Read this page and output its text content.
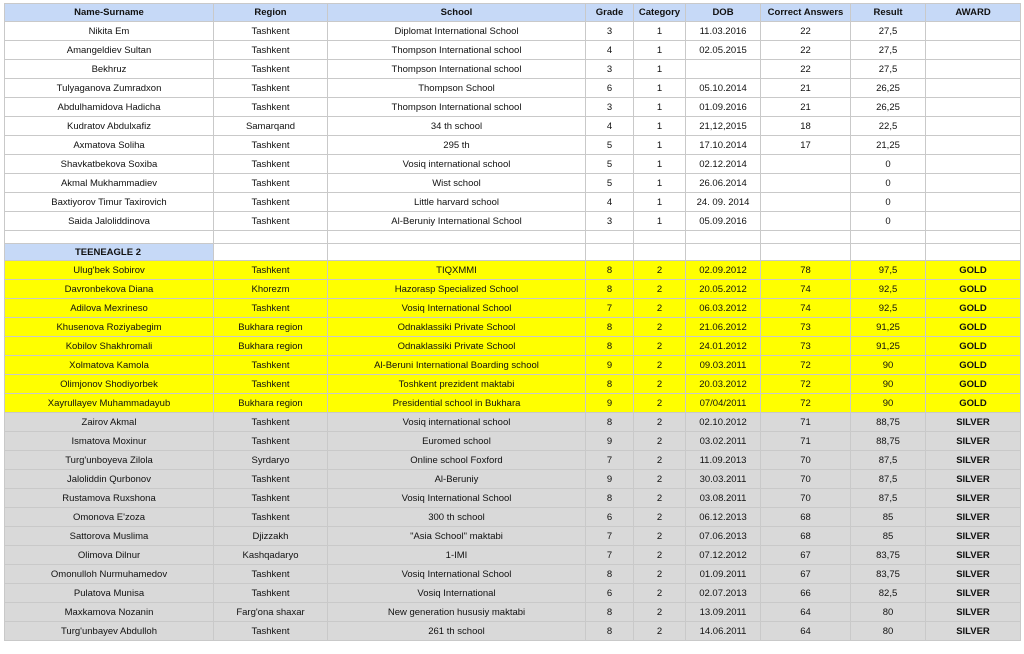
Name-Surname	Region	School	Grade	Category	DOB	Correct Answers	Result	AWARD
Nikita Em	Tashkent	Diplomat International School	3	1	11.03.2016	22	27,5	
Amangeldiev Sultan	Tashkent	Thompson International school	4	1	02.05.2015	22	27,5	
Bekhruz	Tashkent	Thompson International school	3	1		22	27,5	
Tulyaganova Zumradxon	Tashkent	Thompson School	6	1	05.10.2014	21	26,25	
Abdulhamidova Hadicha	Tashkent	Thompson International school	3	1	01.09.2016	21	26,25	
Kudratov Abdulxafiz	Samarqand	34 th school	4	1	21,12,2015	18	22,5	
Axmatova Soliha	Tashkent	295 th	5	1	17.10.2014	17	21,25	
Shavkatbekova Soxiba	Tashkent	Vosiq international school	5	1	02.12.2014		0	
Akmal Mukhammadiev	Tashkent	Wist school	5	1	26.06.2014		0	
Baxtiyorov Timur Taxirovich	Tashkent	Little harvard school	4	1	24. 09. 2014		0	
Saida Jaloliddinova	Tashkent	Al-Beruniy International School	3	1	05.09.2016		0	

TEENEAGLE 2								
Ulug'bek Sobirov	Tashkent	TIQXMMI	8	2	02.09.2012	78	97,5	GOLD
Davronbekova Diana	Khorezm	Hazorasp Specialized School	8	2	20.05.2012	74	92,5	GOLD
Adilova Mexrineso	Tashkent	Vosiq International School	7	2	06.03.2012	74	92,5	GOLD
Khusenova Roziyabegim	Bukhara region	Odnaklassiki Private School	8	2	21.06.2012	73	91,25	GOLD
Kobilov Shakhromali	Bukhara region	Odnaklassiki Private School	8	2	24.01.2012	73	91,25	GOLD
Xolmatova Kamola	Tashkent	Al-Beruni International Boarding school	9	2	09.03.2011	72	90	GOLD
Olimjonov Shodiyorbek	Tashkent	Toshkent prezident maktabi	8	2	20.03.2012	72	90	GOLD
Xayrullayev Muhammadayub	Bukhara region	Presidential school in Bukhara	9	2	07/04/2011	72	90	GOLD
Zairov Akmal	Tashkent	Vosiq international school	8	2	02.10.2012	71	88,75	SILVER
Ismatova Moxinur	Tashkent	Euromed school	9	2	03.02.2011	71	88,75	SILVER
Turg'unboyeva Zilola	Syrdaryo	Online school Foxford	7	2	11.09.2013	70	87,5	SILVER
Jaloliddin Qurbonov	Tashkent	Al-Beruniy	9	2	30.03.2011	70	87,5	SILVER
Rustamova Ruxshona	Tashkent	Vosiq International School	8	2	03.08.2011	70	87,5	SILVER
Omonova E'zoza	Tashkent	300 th school	6	2	06.12.2013	68	85	SILVER
Sattorova Muslima	Djizzakh	"Asia School" maktabi	7	2	07.06.2013	68	85	SILVER
Olimova Dilnur	Kashqadaryo	1-IMI	7	2	07.12.2012	67	83,75	SILVER
Omonulloh Nurmuhamedov	Tashkent	Vosiq International School	8	2	01.09.2011	67	83,75	SILVER
Pulatova Munisa	Tashkent	Vosiq International	6	2	02.07.2013	66	82,5	SILVER
Maxkamova Nozanin	Farg'ona shaxar	New generation hususiy maktabi	8	2	13.09.2011	64	80	SILVER
Turg'unbayev Abdulloh	Tashkent	261 th school	8	2	14.06.2011	64	80	SILVER
